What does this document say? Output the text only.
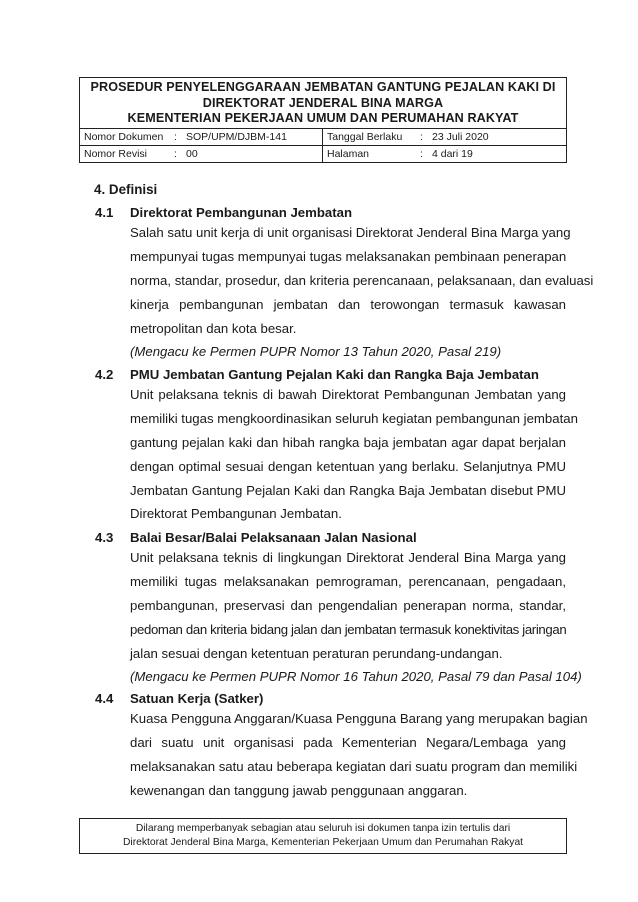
PROSEDUR PENYELENGGARAAN JEMBATAN GANTUNG PEJALAN KAKI DI
DIREKTORAT JENDERAL BINA MARGA
KEMENTERIAN PEKERJAAN UMUM DAN PERUMAHAN RAKYAT
Nomor Dokumen	: SOP/UPM/DJBM-141	Tanggal Berlaku	: 23 Juli 2020
Nomor Revisi	: 00	Halaman	: 4 dari 19
4. Definisi
4.1 Direktorat Pembangunan Jembatan
Salah satu unit kerja di unit organisasi Direktorat Jenderal Bina Marga yang
mempunyai tugas mempunyai tugas melaksanakan pembinaan penerapan
norma, standar, prosedur, dan kriteria perencanaan, pelaksanaan, dan evaluasi
kinerja pembangunan jembatan dan terowongan termasuk kawasan
metropolitan dan kota besar.
(Mengacu ke Permen PUPR Nomor 13 Tahun 2020, Pasal 219)
4.2 PMU Jembatan Gantung Pejalan Kaki dan Rangka Baja Jembatan
Unit pelaksana teknis di bawah Direktorat Pembangunan Jembatan yang
memiliki tugas mengkoordinasikan seluruh kegiatan pembangunan jembatan
gantung pejalan kaki dan hibah rangka baja jembatan agar dapat berjalan
dengan optimal sesuai dengan ketentuan yang berlaku. Selanjutnya PMU
Jembatan Gantung Pejalan Kaki dan Rangka Baja Jembatan disebut PMU
Direktorat Pembangunan Jembatan.
4.3 Balai Besar/Balai Pelaksanaan Jalan Nasional
Unit pelaksana teknis di lingkungan Direktorat Jenderal Bina Marga yang
memiliki tugas melaksanakan pemrograman, perencanaan, pengadaan,
pembangunan, preservasi dan pengendalian penerapan norma, standar,
pedoman dan kriteria bidang jalan dan jembatan termasuk konektivitas jaringan
jalan sesuai dengan ketentuan peraturan perundang-undangan.
(Mengacu ke Permen PUPR Nomor 16 Tahun 2020, Pasal 79 dan Pasal 104)
4.4 Satuan Kerja (Satker)
Kuasa Pengguna Anggaran/Kuasa Pengguna Barang yang merupakan bagian
dari suatu unit organisasi pada Kementerian Negara/Lembaga yang
melaksanakan satu atau beberapa kegiatan dari suatu program dan memiliki
kewenangan dan tanggung jawab penggunaan anggaran.
Dilarang memperbanyak sebagian atau seluruh isi dokumen tanpa izin tertulis dari
Direktorat Jenderal Bina Marga, Kementerian Pekerjaan Umum dan Perumahan Rakyat
